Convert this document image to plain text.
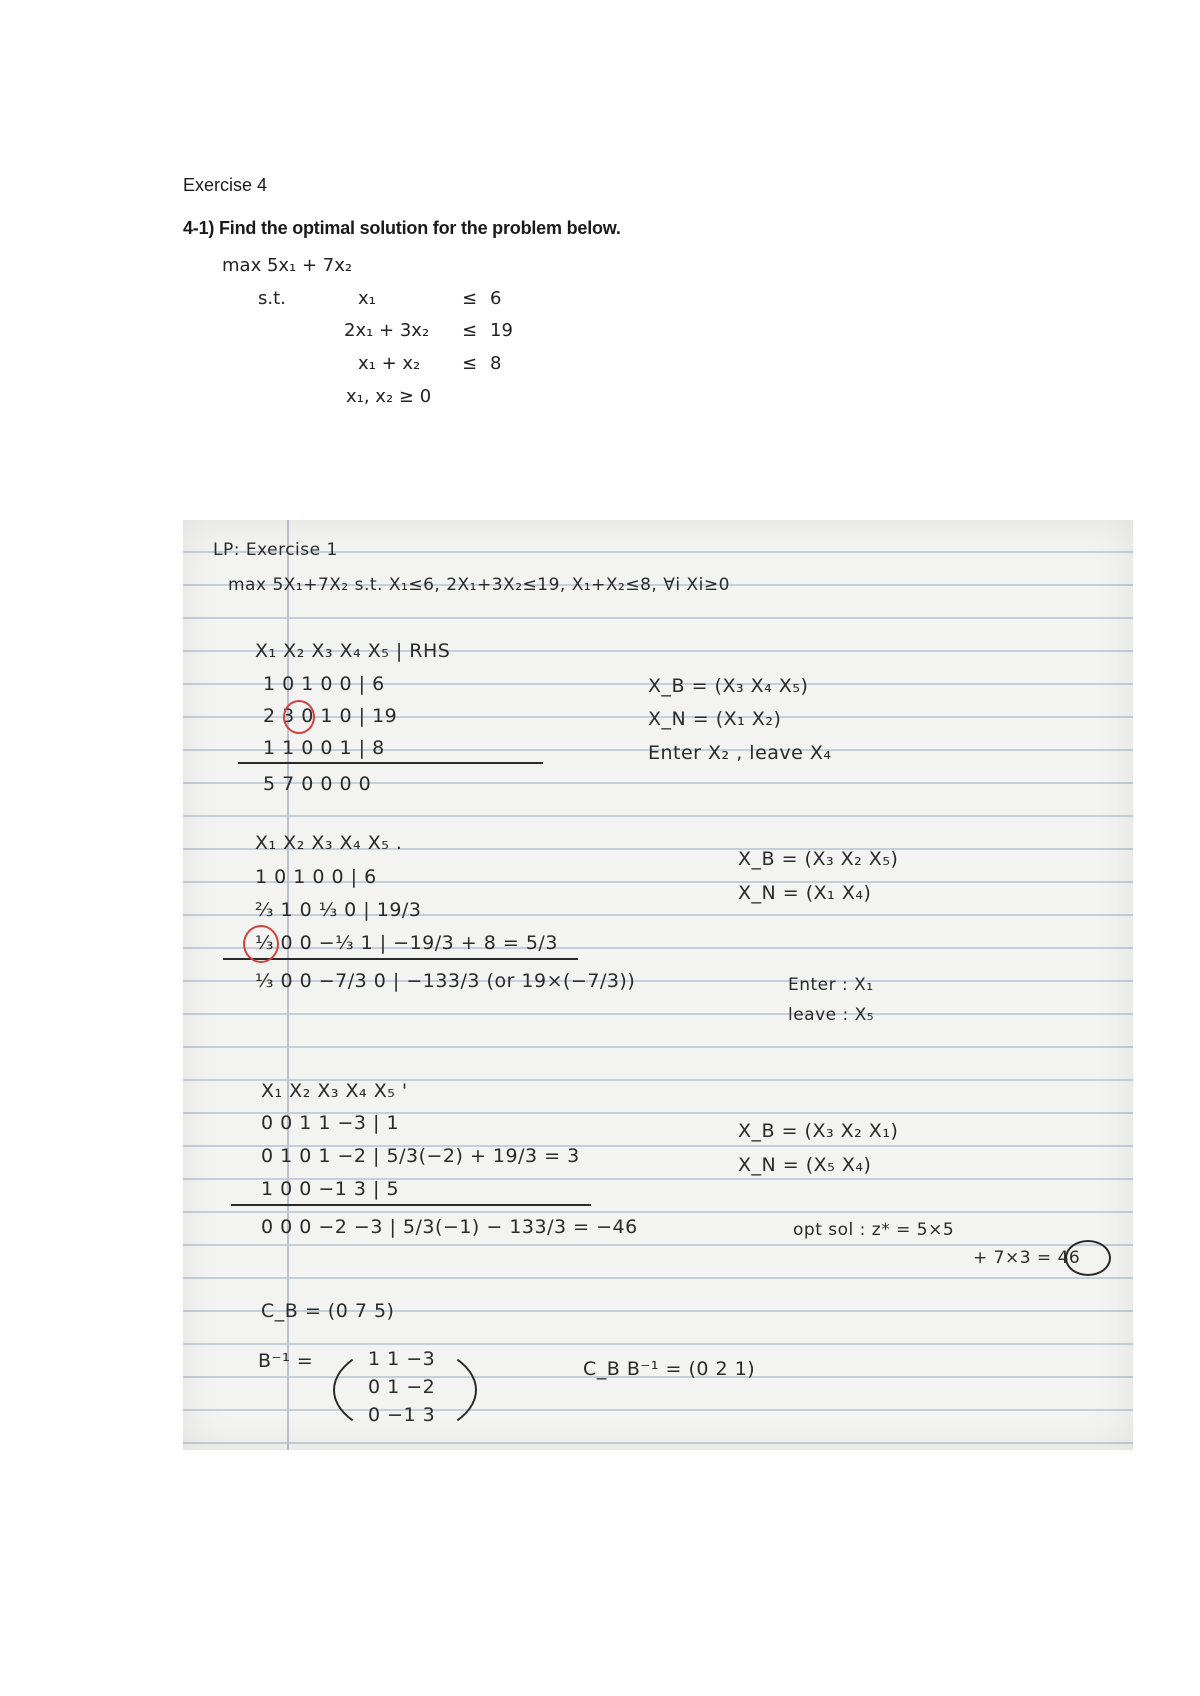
Exercise 4
4-1) Find the optimal solution for the problem below.
max 5x₁ + 7x₂
s.t.	x₁	≤ 6
2x₁ + 3x₂ ≤ 19
x₁ + x₂ ≤ 8
x₁, x₂ ≥ 0
LP: Exercise 1
max 5X₁+7X₂ s.t. X₁≤6, 2X₁+3X₂≤19, X₁+X₂≤8, ∀i Xi≥0
X₁ X₂ X₃ X₄ X₅ | RHS
1 0 1 0 0 | 6
2 3 0 1 0 | 19
1 1 0 0 1 | 8
5 7 0 0 0 0
X_B = (X₃ X₄ X₅)
X_N = (X₁ X₂)
Enter X₂ , leave X₄
X₁ X₂ X₃ X₄ X₅ .
1 0 1 0 0 | 6
⅔ 1 0 ⅓ 0 | 19/3
⅓ 0 0 −⅓ 1 | −19/3 + 8 = 5/3
⅓ 0 0 −7/3 0 | −133/3 (or 19×(−7/3))
X_B = (X₃ X₂ X₅)
X_N = (X₁ X₄)
Enter : X₁
leave : X₅
X₁ X₂ X₃ X₄ X₅ '
0 0 1 1 −3 | 1
0 1 0 1 −2 | 5/3(−2) + 19/3 = 3
1 0 0 −1 3 | 5
0 0 0 −2 −3 | 5/3(−1) − 133/3 = −46
X_B = (X₃ X₂ X₁)
X_N = (X₅ X₄)
opt sol : z* = 5×5
+ 7×3 = 46
C_B = (0 7 5)
B⁻¹ =	1 1 −3
0 1 −2
0 −1 3
C_B B⁻¹ = (0 2 1)
